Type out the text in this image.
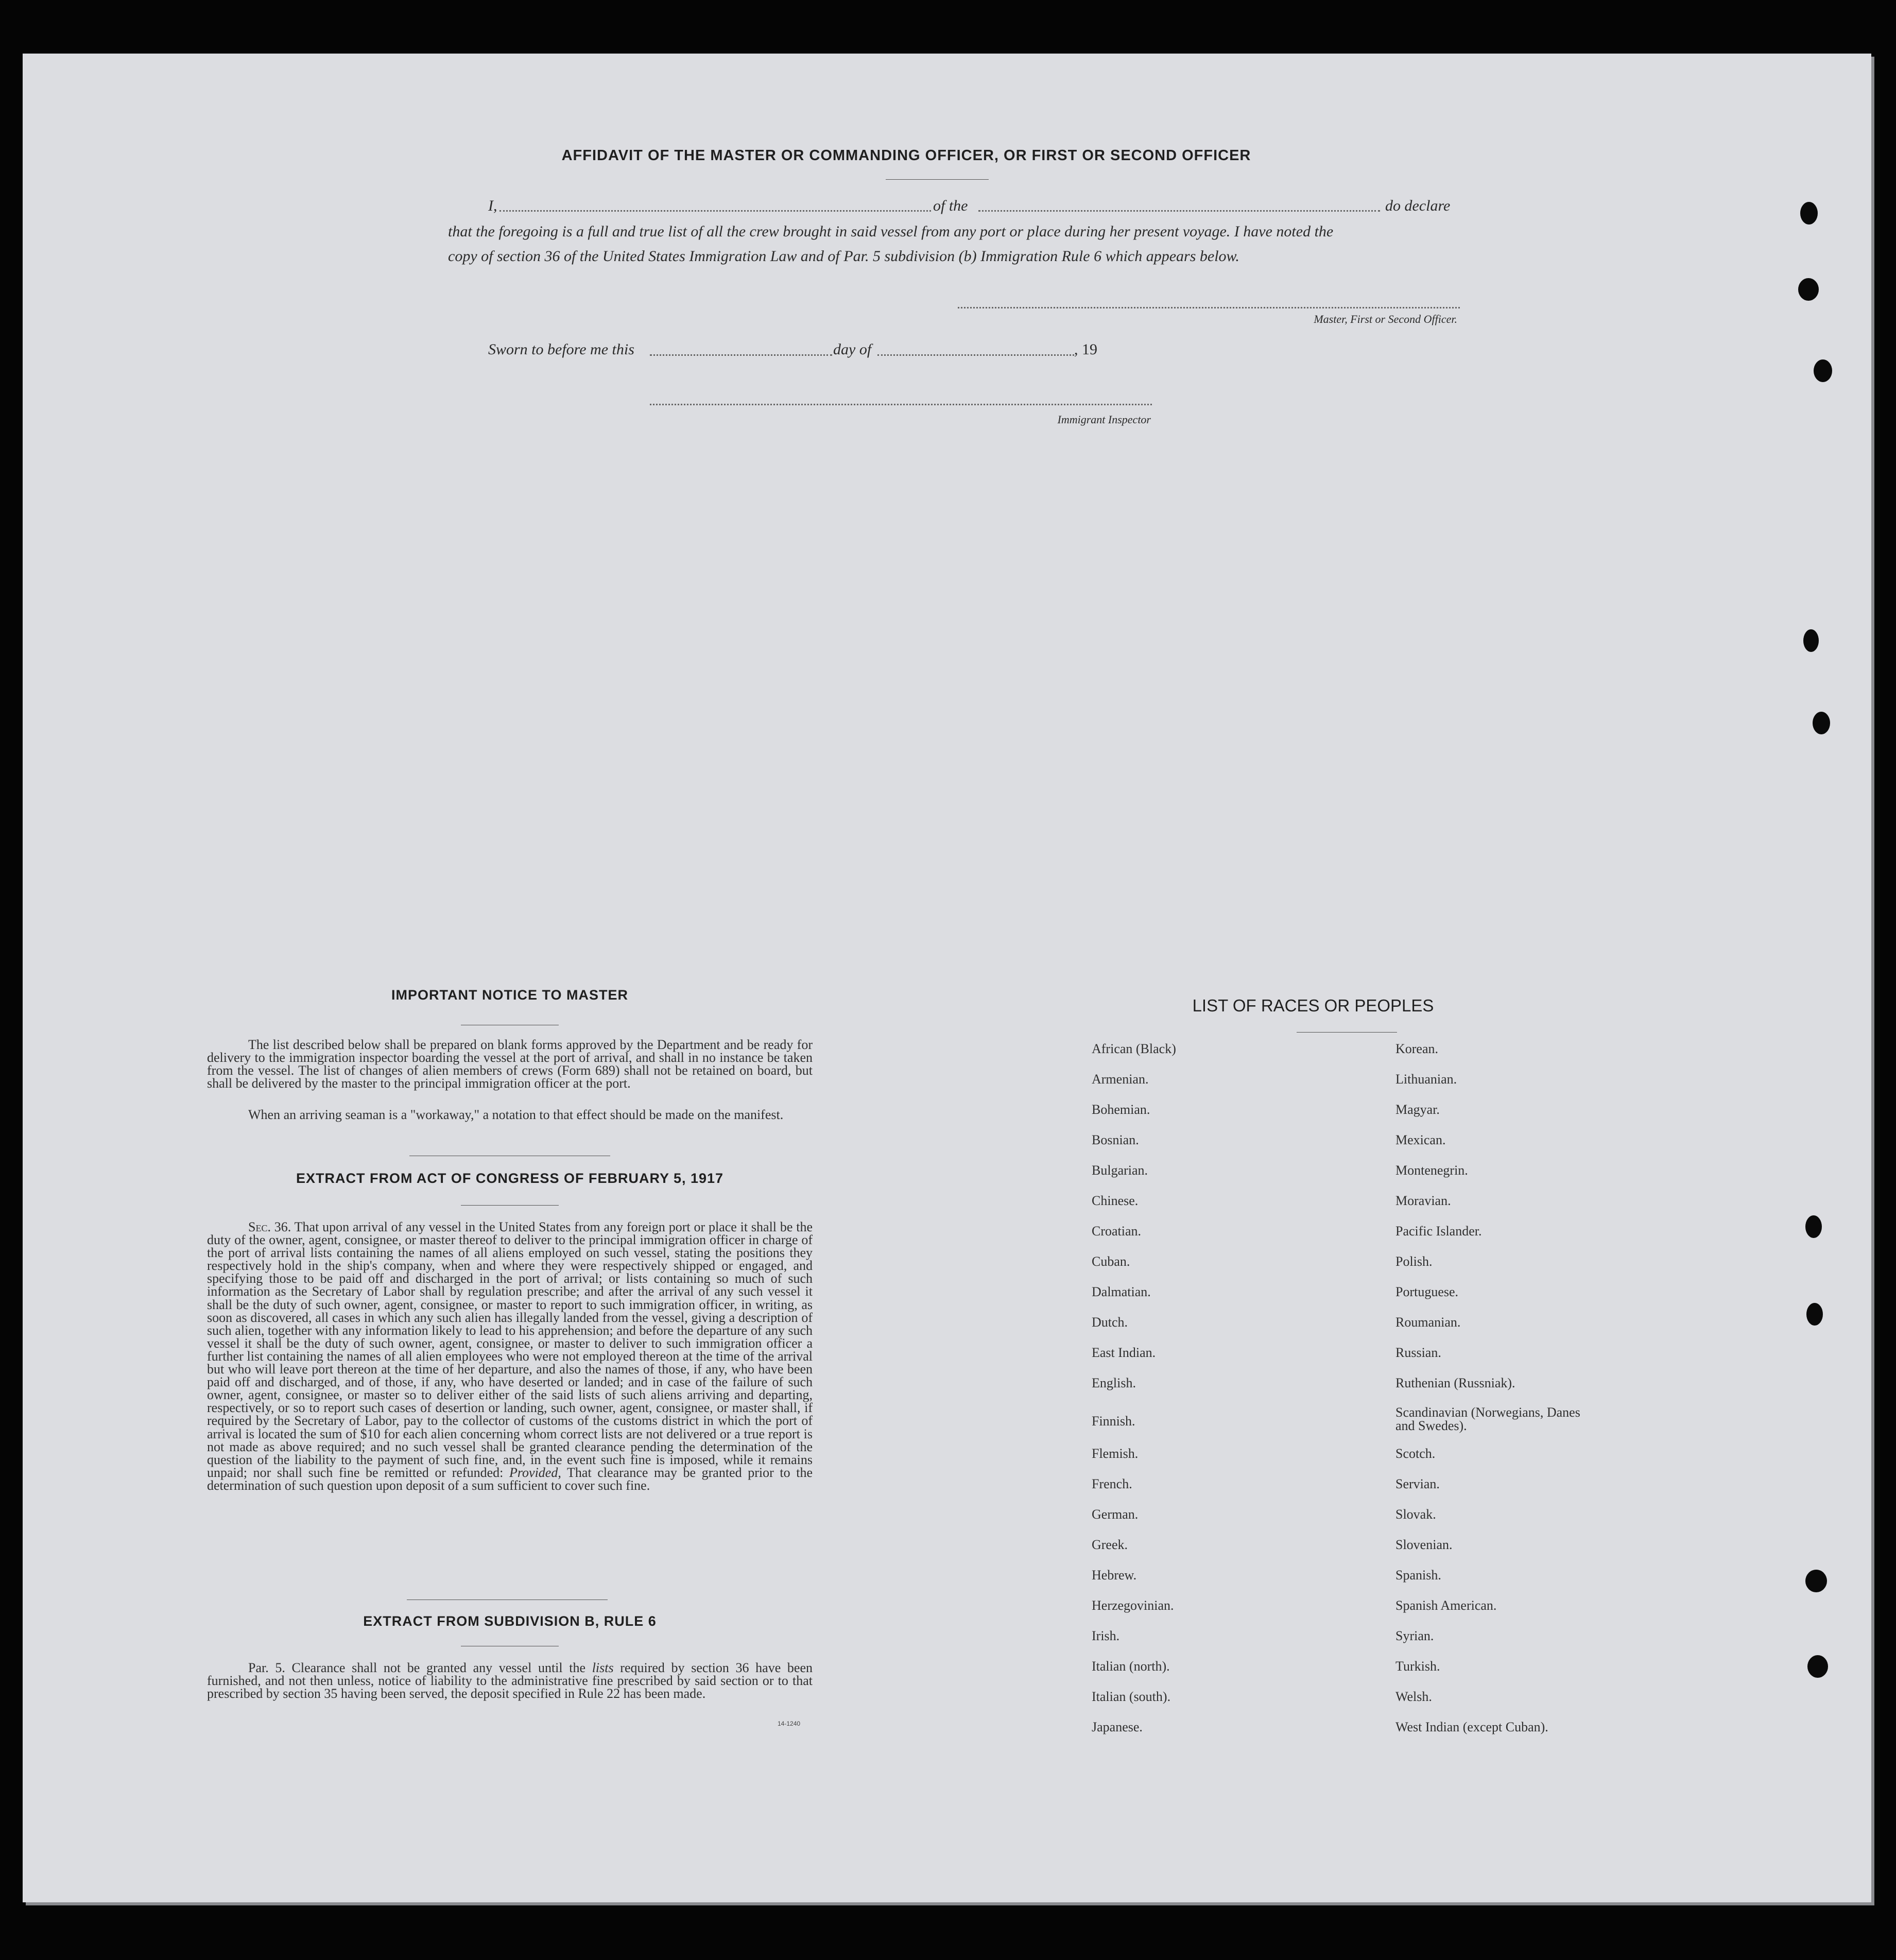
AFFIDAVIT OF THE MASTER OR COMMANDING OFFICER, OR FIRST OR SECOND OFFICER
I,	of the	do declare
that the foregoing is a full and true list of all the crew brought in said vessel from any port or place during her present voyage. I have noted the
copy of section 36 of the United States Immigration Law and of Par. 5 subdivision (b) Immigration Rule 6 which appears below.
Master, First or Second Officer.
Sworn to before me this	day of	, 19
Immigrant Inspector
IMPORTANT NOTICE TO MASTER
The list described below shall be prepared on blank forms approved by the Department and be ready for delivery to the immigration inspector boarding the vessel at the port of arrival, and shall in no instance be taken from the vessel. The list of changes of alien members of crews (Form 689) shall not be retained on board, but shall be delivered by the master to the principal immigration officer at the port.
When an arriving seaman is a "workaway," a notation to that effect should be made on the manifest.
EXTRACT FROM ACT OF CONGRESS OF FEBRUARY 5, 1917
Sec. 36. That upon arrival of any vessel in the United States from any foreign port or place it shall be the duty of the owner, agent, consignee, or master thereof to deliver to the principal immigration officer in charge of the port of arrival lists containing the names of all aliens employed on such vessel, stating the positions they respectively hold in the ship's company, when and where they were respectively shipped or engaged, and specifying those to be paid off and discharged in the port of arrival; or lists containing so much of such information as the Secretary of Labor shall by regulation prescribe; and after the arrival of any such vessel it shall be the duty of such owner, agent, consignee, or master to report to such immigration officer, in writing, as soon as discovered, all cases in which any such alien has illegally landed from the vessel, giving a description of such alien, together with any information likely to lead to his apprehension; and before the departure of any such vessel it shall be the duty of such owner, agent, consignee, or master to deliver to such immigration officer a further list containing the names of all alien employees who were not employed thereon at the time of the arrival but who will leave port thereon at the time of her departure, and also the names of those, if any, who have been paid off and discharged, and of those, if any, who have deserted or landed; and in case of the failure of such owner, agent, consignee, or master so to deliver either of the said lists of such aliens arriving and departing, respectively, or so to report such cases of desertion or landing, such owner, agent, consignee, or master shall, if required by the Secretary of Labor, pay to the collector of customs of the customs district in which the port of arrival is located the sum of $10 for each alien concerning whom correct lists are not delivered or a true report is not made as above required; and no such vessel shall be granted clearance pending the determination of the question of the liability to the payment of such fine, and, in the event such fine is imposed, while it remains unpaid; nor shall such fine be remitted or refunded: Provided, That clearance may be granted prior to the determination of such question upon deposit of a sum sufficient to cover such fine.
EXTRACT FROM SUBDIVISION B, RULE 6
Par. 5. Clearance shall not be granted any vessel until the lists required by section 36 have been furnished, and not then unless, notice of liability to the administrative fine prescribed by said section or to that prescribed by section 35 having been served, the deposit specified in Rule 22 has been made.
14-1240
LIST OF RACES OR PEOPLES
African (Black)
Armenian.
Bohemian.
Bosnian.
Bulgarian.
Chinese.
Croatian.
Cuban.
Dalmatian.
Dutch.
East Indian.
English.
Finnish.
Flemish.
French.
German.
Greek.
Hebrew.
Herzegovinian.
Irish.
Italian (north).
Italian (south).
Japanese.
Korean.
Lithuanian.
Magyar.
Mexican.
Montenegrin.
Moravian.
Pacific Islander.
Polish.
Portuguese.
Roumanian.
Russian.
Ruthenian (Russniak).
Scandinavian (Norwegians, Danes and Swedes).
Scotch.
Servian.
Slovak.
Slovenian.
Spanish.
Spanish American.
Syrian.
Turkish.
Welsh.
West Indian (except Cuban).
